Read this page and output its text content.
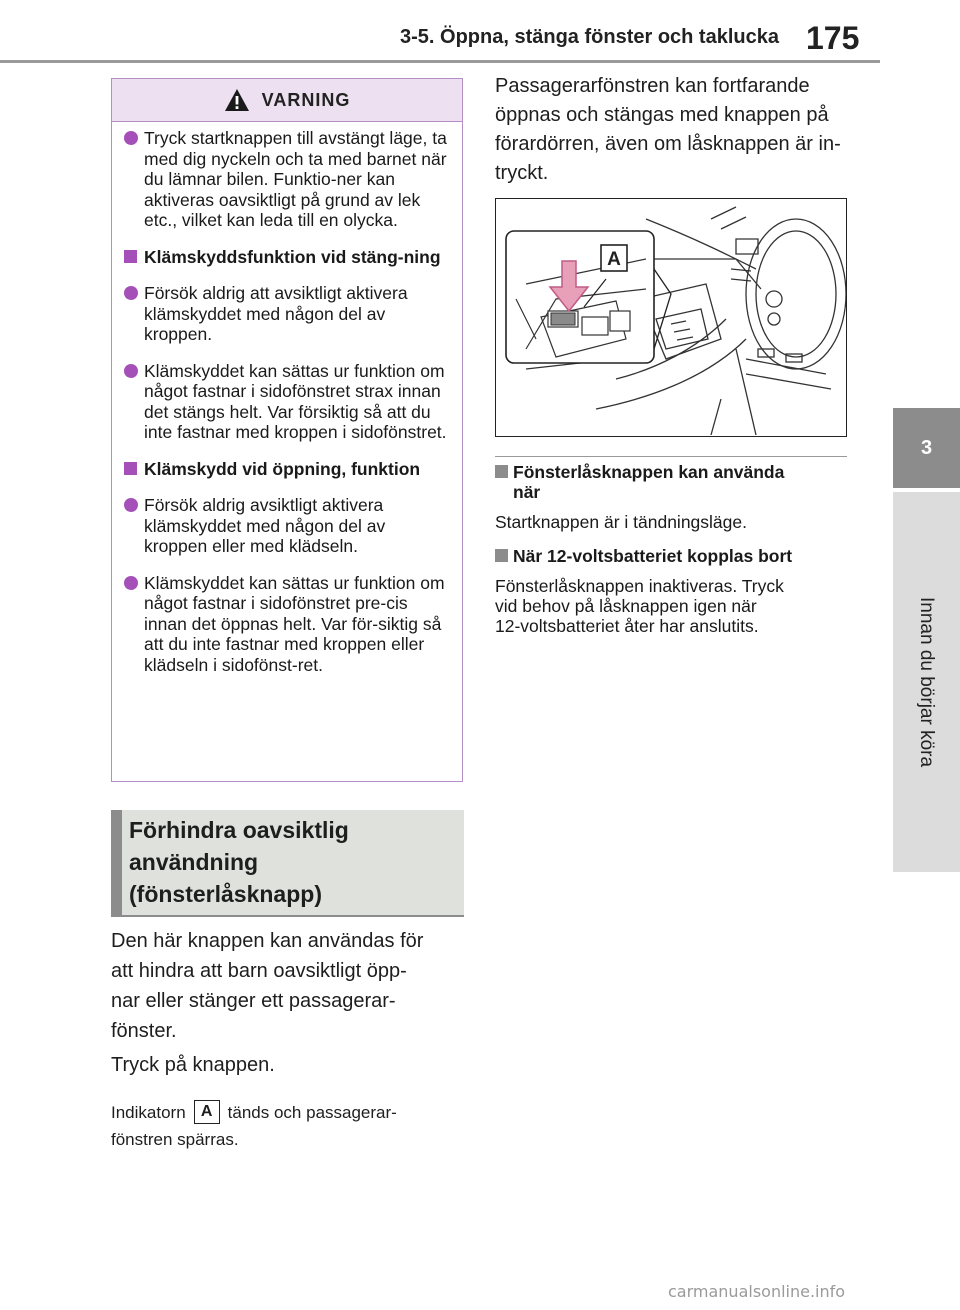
3-5. Öppna, stänga fönster och taklucka 175
3
Innan du börjar köra
VARNING
Tryck startknappen till avstängt läge, ta med dig nyckeln och ta med barnet när du lämnar bilen. Funktio-ner kan aktiveras oavsiktligt på grund av lek etc., vilket kan leda till en olycka.
Klämskyddsfunktion vid stäng-ning
Försök aldrig att avsiktligt aktivera klämskyddet med någon del av kroppen.
Klämskyddet kan sättas ur funktion om något fastnar i sidofönstret strax innan det stängs helt. Var försiktig så att du inte fastnar med kroppen i sidofönstret.
Klämskydd vid öppning, funktion
Försök aldrig avsiktligt aktivera klämskyddet med någon del av kroppen eller med klädseln.
Klämskyddet kan sättas ur funktion om något fastnar i sidofönstret pre-cis innan det öppnas helt. Var för-siktig så att du inte fastnar med kroppen eller klädseln i sidofönst-ret.
Förhindra oavsiktlig
användning
(fönsterlåsknapp)
Den här knappen kan användas för
att hindra att barn oavsiktligt öpp-
nar eller stänger ett passagerar-
fönster.
Tryck på knappen.
Indikatorn A tänds och passagerar-
fönstren spärras.
Passagerarfönstren kan fortfarande
öppnas och stängas med knappen på
förardörren, även om låsknappen är in-
tryckt.
A
Fönsterlåsknappen kan använda
när
Startknappen är i tändningsläge.
När 12-voltsbatteriet kopplas bort
Fönsterlåsknappen inaktiveras. Tryck
vid behov på låsknappen igen när
12-voltsbatteriet åter har anslutits.
carmanualsonline.info
